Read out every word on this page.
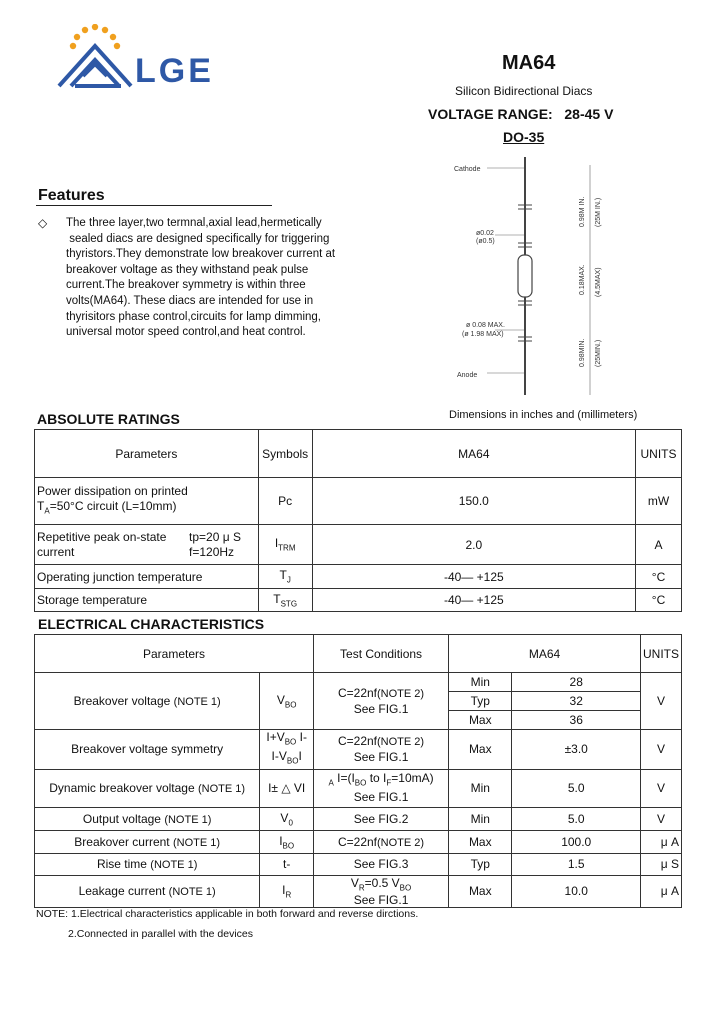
LGE	MA64
Silicon Bidirectional Diacs
VOLTAGE RANGE:   28-45 V
DO-35
Features
◇ The three layer,two termnal,axial lead,hermetically
sealed diacs are designed specifically for triggering
thyristors.They demonstrate low breakover current at
breakover voltage as they withstand peak pulse
current.The breakover symmetry is within three
volts(MA64). These diacs are intended for use in
thyrisitors phase control,circuits for lamp dimming,
universal motor speed control,and heat control.
Cathode
Anode
ø0.02
(ø0.5)
ø 0.08 MAX.
(ø 1.98 MAX)
0.98M IN. (25M IN.)
0.18MAX. (4.5MAX)
0.98MIN. (25MIN.)
ABSOLUTE RATINGS	Dimensions in inches and (millimeters)
Parameters	Symbols	MA64	UNITS

Power dissipation on printed
$T_A=50^\circ C$ circuit (L=10mm)	Pc	150.0	mW

Repetitive peak on-state tp=20 μ S
current f=120Hz	$I_{TRM}$	2.0	A
Operating junction temperature	$T_J$	-40— +125	°C
Storage temperature	$T_{STG}$	-40— +125	°C
ELECTRICAL CHARACTERISTICS
Parameters		Test Conditions	MA64		UNITS
Breakover voltage (NOTE 1)	$V_{BO}$	C=22nf(NOTE 2)
See FIG.1	Min	28	V
			Typ	32	
			Max	36	
Breakover voltage symmetry	$I+V_{BO}$ I-
$I-V_{BO}I$	C=22nf(NOTE 2)
See FIG.1	Max	±3.0	V
Dynamic breakover voltage (NOTE 1)	I± △ VI	$_A$ $I=(I_{BO}$ to $I_F=10mA$)
See FIG.1	Min	5.0	V
Output voltage (NOTE 1)	$V_0$	See FIG.2	Min	5.0	V
Breakover current (NOTE 1)	$I_{BO}$	C=22nf(NOTE 2)	Max	100.0	μ A
Rise time (NOTE 1)	t-	See FIG.3	Typ	1.5	μ S
Leakage current (NOTE 1)	$I_R$	$V_R=0.5$ $V_{BO}$
See FIG.1	Max	10.0	μ A
NOTE: 1.Electrical characteristics applicable in both forward and reverse dirctions.
2.Connected in parallel with the devices
